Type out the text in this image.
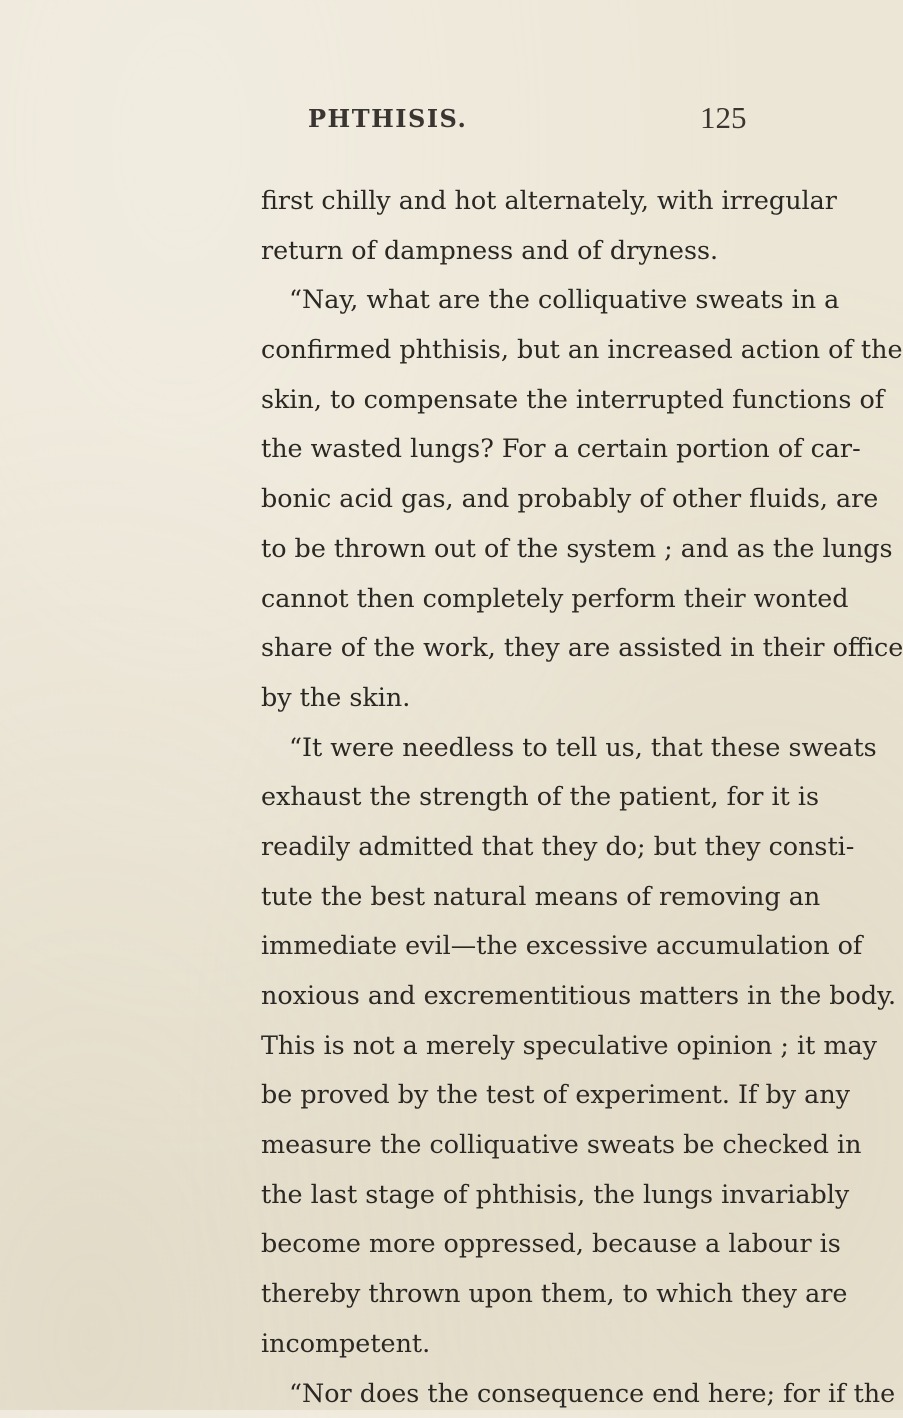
PHTHISIS.	125
first chilly and hot alternately, with irregular
return of dampness and of dryness.
“Nay, what are the colliquative sweats in a
confirmed phthisis, but an increased action of the
skin, to compensate the interrupted functions of
the wasted lungs? For a certain portion of car-
bonic acid gas, and probably of other fluids, are
to be thrown out of the system ; and as the lungs
cannot then completely perform their wonted
share of the work, they are assisted in their office
by the skin.
“It were needless to tell us, that these sweats
exhaust the strength of the patient, for it is
readily admitted that they do; but they consti-
tute the best natural means of removing an
immediate evil—the excessive accumulation of
noxious and excrementitious matters in the body.
This is not a merely speculative opinion ; it may
be proved by the test of experiment. If by any
measure the colliquative sweats be checked in
the last stage of phthisis, the lungs invariably
become more oppressed, because a labour is
thereby thrown upon them, to which they are
incompetent.
“Nor does the consequence end here; for if the
